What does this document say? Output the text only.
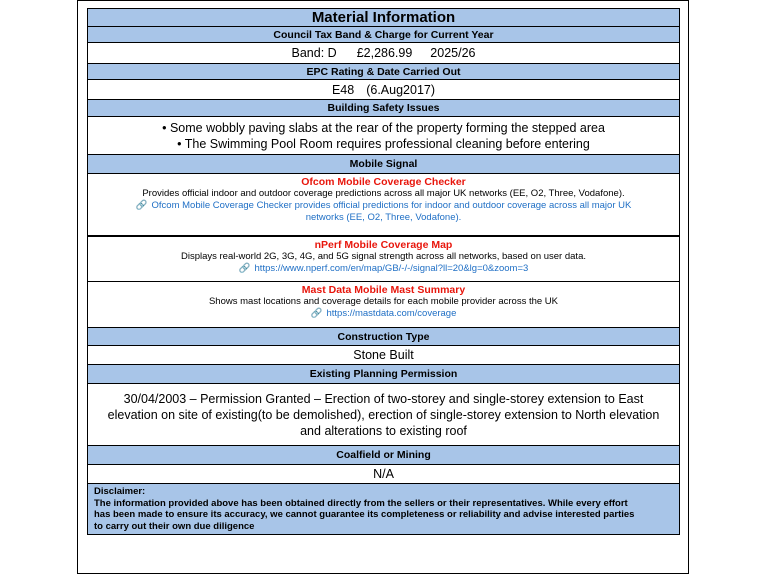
Material Information
Council Tax Band & Charge for Current Year
Band: D £2,286.99 2025/26
EPC Rating & Date Carried Out
E48 (6.Aug2017)
Building Safety Issues
• Some wobbly paving slabs at the rear of the property forming the stepped area
• The Swimming Pool Room requires professional cleaning before entering
Mobile Signal
Ofcom Mobile Coverage Checker
Provides official indoor and outdoor coverage predictions across all major UK networks (EE, O2, Three, Vodafone).
🔗 Ofcom Mobile Coverage Checker provides official predictions for indoor and outdoor coverage across all major UK
networks (EE, O2, Three, Vodafone).
nPerf Mobile Coverage Map
Displays real-world 2G, 3G, 4G, and 5G signal strength across all networks, based on user data.
🔗 https://www.nperf.com/en/map/GB/-/-/signal?ll=20&lg=0&zoom=3
Mast Data Mobile Mast Summary
Shows mast locations and coverage details for each mobile provider across the UK
🔗 https://mastdata.com/coverage
Construction Type
Stone Built
Existing Planning Permission
30/04/2003 – Permission Granted – Erection of two-storey and single-storey extension to East
elevation on site of existing(to be demolished), erection of single-storey extension to North elevation
and alterations to existing roof
Coalfield or Mining
N/A
Disclaimer:
The information provided above has been obtained directly from the sellers or their representatives. While every effort
has been made to ensure its accuracy, we cannot guarantee its completeness or reliability and advise interested parties
to carry out their own due diligence
